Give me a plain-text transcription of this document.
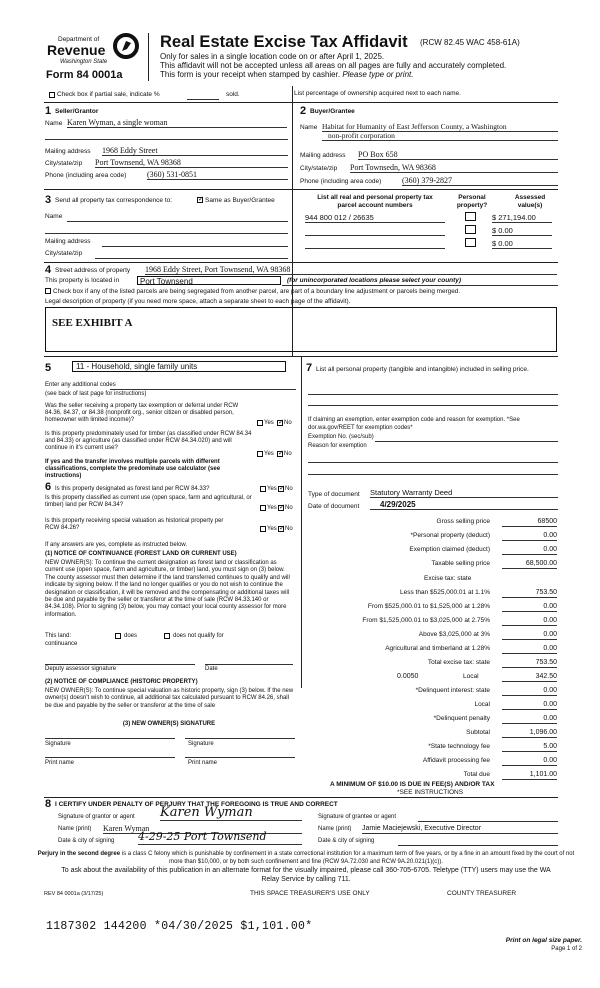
Department of
Revenue
Washington State
Form 84 0001a
Real Estate Excise Tax Affidavit (RCW 82.45 WAC 458-61A)
Only for sales in a single location code on or after April 1, 2025.
This affidavit will not be accepted unless all areas on all pages are fully and accurately completed.
This form is your receipt when stamped by cashier. Please type or print.
Check box if partial sale, indicate %	sold.	List percentage of ownership acquired next to each name.
1 Seller/Grantor
Name Karen Wyman, a single woman
Mailing address 1968 Eddy Street
City/state/zip Port Townsend, WA 98368
Phone (including area code)	(360) 531-0851
2 Buyer/Grantee
Name Habitat for Humanity of East Jefferson County, a Washington
non-profit corporation
Mailing address PO Box 658
City/state/zip Port Townsedn, WA 98368
Phone (including area code)	(360) 379-2827
3 Send all property tax correspondence to:	✓ Same as Buyer/Grantee
Name
Mailing address
City/state/zip
List all real and personal property tax
parcel account numbers
Personal
property?
Assessed
value(s)
944 800 012 / 26635	$ 271,194.00
$ 0.00
$ 0.00
4 Street address of property 1968 Eddy Street, Port Townsend, WA 98368
This property is located in	Port Townsend	(for unincorporated locations please select your county)
Check box if any of the listed parcels are being segregated from another parcel, are part of a boundary line adjustment or parcels being merged.
Legal description of property (if you need more space, attach a separate sheet to each page of the affidavit).
SEE EXHIBIT A
5	11 - Household, single family units
Enter any additional codes
(see back of last page for instructions)
Was the seller receiving a property tax exemption or deferral under RCW 84.36, 84.37, or 84.38 (nonprofit org., senior citizen or disabled person, homeowner with limited income)?	Yes ✓ No
Is this property predominately used for timber (as classified under RCW 84.34 and 84.33) or agriculture (as classified under RCW 84.34.020) and will continue in it's current use?
If yes and the transfer involves multiple parcels with different classifications, complete the predominate use calculator (see instructions)
Yes ✓ No
6 Is this property designated as forest land per RCW 84.33?	Yes ✓ No
Is this property classified as current use (open space, farm and agricultural, or timber) land per RCW 84.34?	Yes ✓ No
Is this property receiving special valuation as historical property per RCW 84.26?	Yes ✓ No
If any answers are yes, complete as instructed below.
(1) NOTICE OF CONTINUANCE (FOREST LAND OR CURRENT USE)
NEW OWNER(S): To continue the current designation as forest land or classification as current use (open space, farm and agriculture, or timber) land, you must sign on (3) below. The county assessor must then determine if the land transferred continues to qualify and will indicate by signing below. If the land no longer qualifies or you do not wish to continue the designation or classification, it will be removed and the compensating or additional taxes will be due and payable by the seller or transferor at the time of sale (RCW 84.33.140 or 84.34.108). Prior to signing (3) below, you may contact your local county assessor for more information.
This land:	does	does not qualify for
continuance
Deputy assessor signature	Date
(2) NOTICE OF COMPLIANCE (HISTORIC PROPERTY)
NEW OWNER(S): To continue special valuation as historic property, sign (3) below. If the new owner(s) doesn't wish to continue, all additional tax calculated pursuant to RCW 84.26, shall be due and payable by the seller or transferor at the time of sale
(3) NEW OWNER(S) SIGNATURE
Signature	Signature
Print name	Print name
7 List all personal property (tangible and intangible) included in selling price.
If claiming an exemption, enter exemption code and reason for exemption. *See dor.wa.gov/REET for exemption codes*
Exemption No. (sec/sub)
Reason for exemption
Type of document Statutory Warranty Deed
Date of document	4/29/2025
Gross selling price	68500
*Personal property (deduct)	0.00
Exemption claimed (deduct)	0.00
Taxable selling price	68,500.00
Excise tax: state
Less than $525,000.01 at 1.1%	753.50
From $525,000.01 to $1,525,000 at 1.28%	0.00
From $1,525,000.01 to $3,025,000 at 2.75%	0.00
Above $3,025,000 at 3%	0.00
Agricultural and timberland at 1.28%	0.00
Total excise tax: state	753.50
0.0050	Local	342.50
*Delinquent interest: state	0.00
Local	0.00
*Delinquent penalty	0.00
Subtotal	1,096.00
*State technology fee	5.00
Affidavit processing fee	0.00
Total due	1,101.00
A MINIMUM OF $10.00 IS DUE IN FEE(S) AND/OR TAX
*SEE INSTRUCTIONS
8 I CERTIFY UNDER PENALTY OF PERJURY THAT THE FOREGOING IS TRUE AND CORRECT
Signature of grantor or agent Karen Wyman
Name (print) Karen Wyman
Date & city of signing 4-29-25 Port Townsend
Signature of grantee or agent
Name (print) Jamie Maciejewski, Executive Director
Date & city of signing
Perjury in the second degree is a class C felony which is punishable by confinement in a state correctional institution for a maximum term of five years, or by a fine in an amount fixed by the court of not more than $10,000, or by both such confinement and fine (RCW 9A.72.030 and RCW 9A.20.021(1)(c)).
To ask about the availability of this publication in an alternate format for the visually impaired, please call 360-705-6705. Teletype (TTY) users may use the WA Relay Service by calling 711.
REV 84 0001a (3/17/25)	THIS SPACE TREASURER'S USE ONLY	COUNTY TREASURER
1187302 144200 *04/30/2025 $1,101.00*
Print on legal size paper.
Page 1 of 2
